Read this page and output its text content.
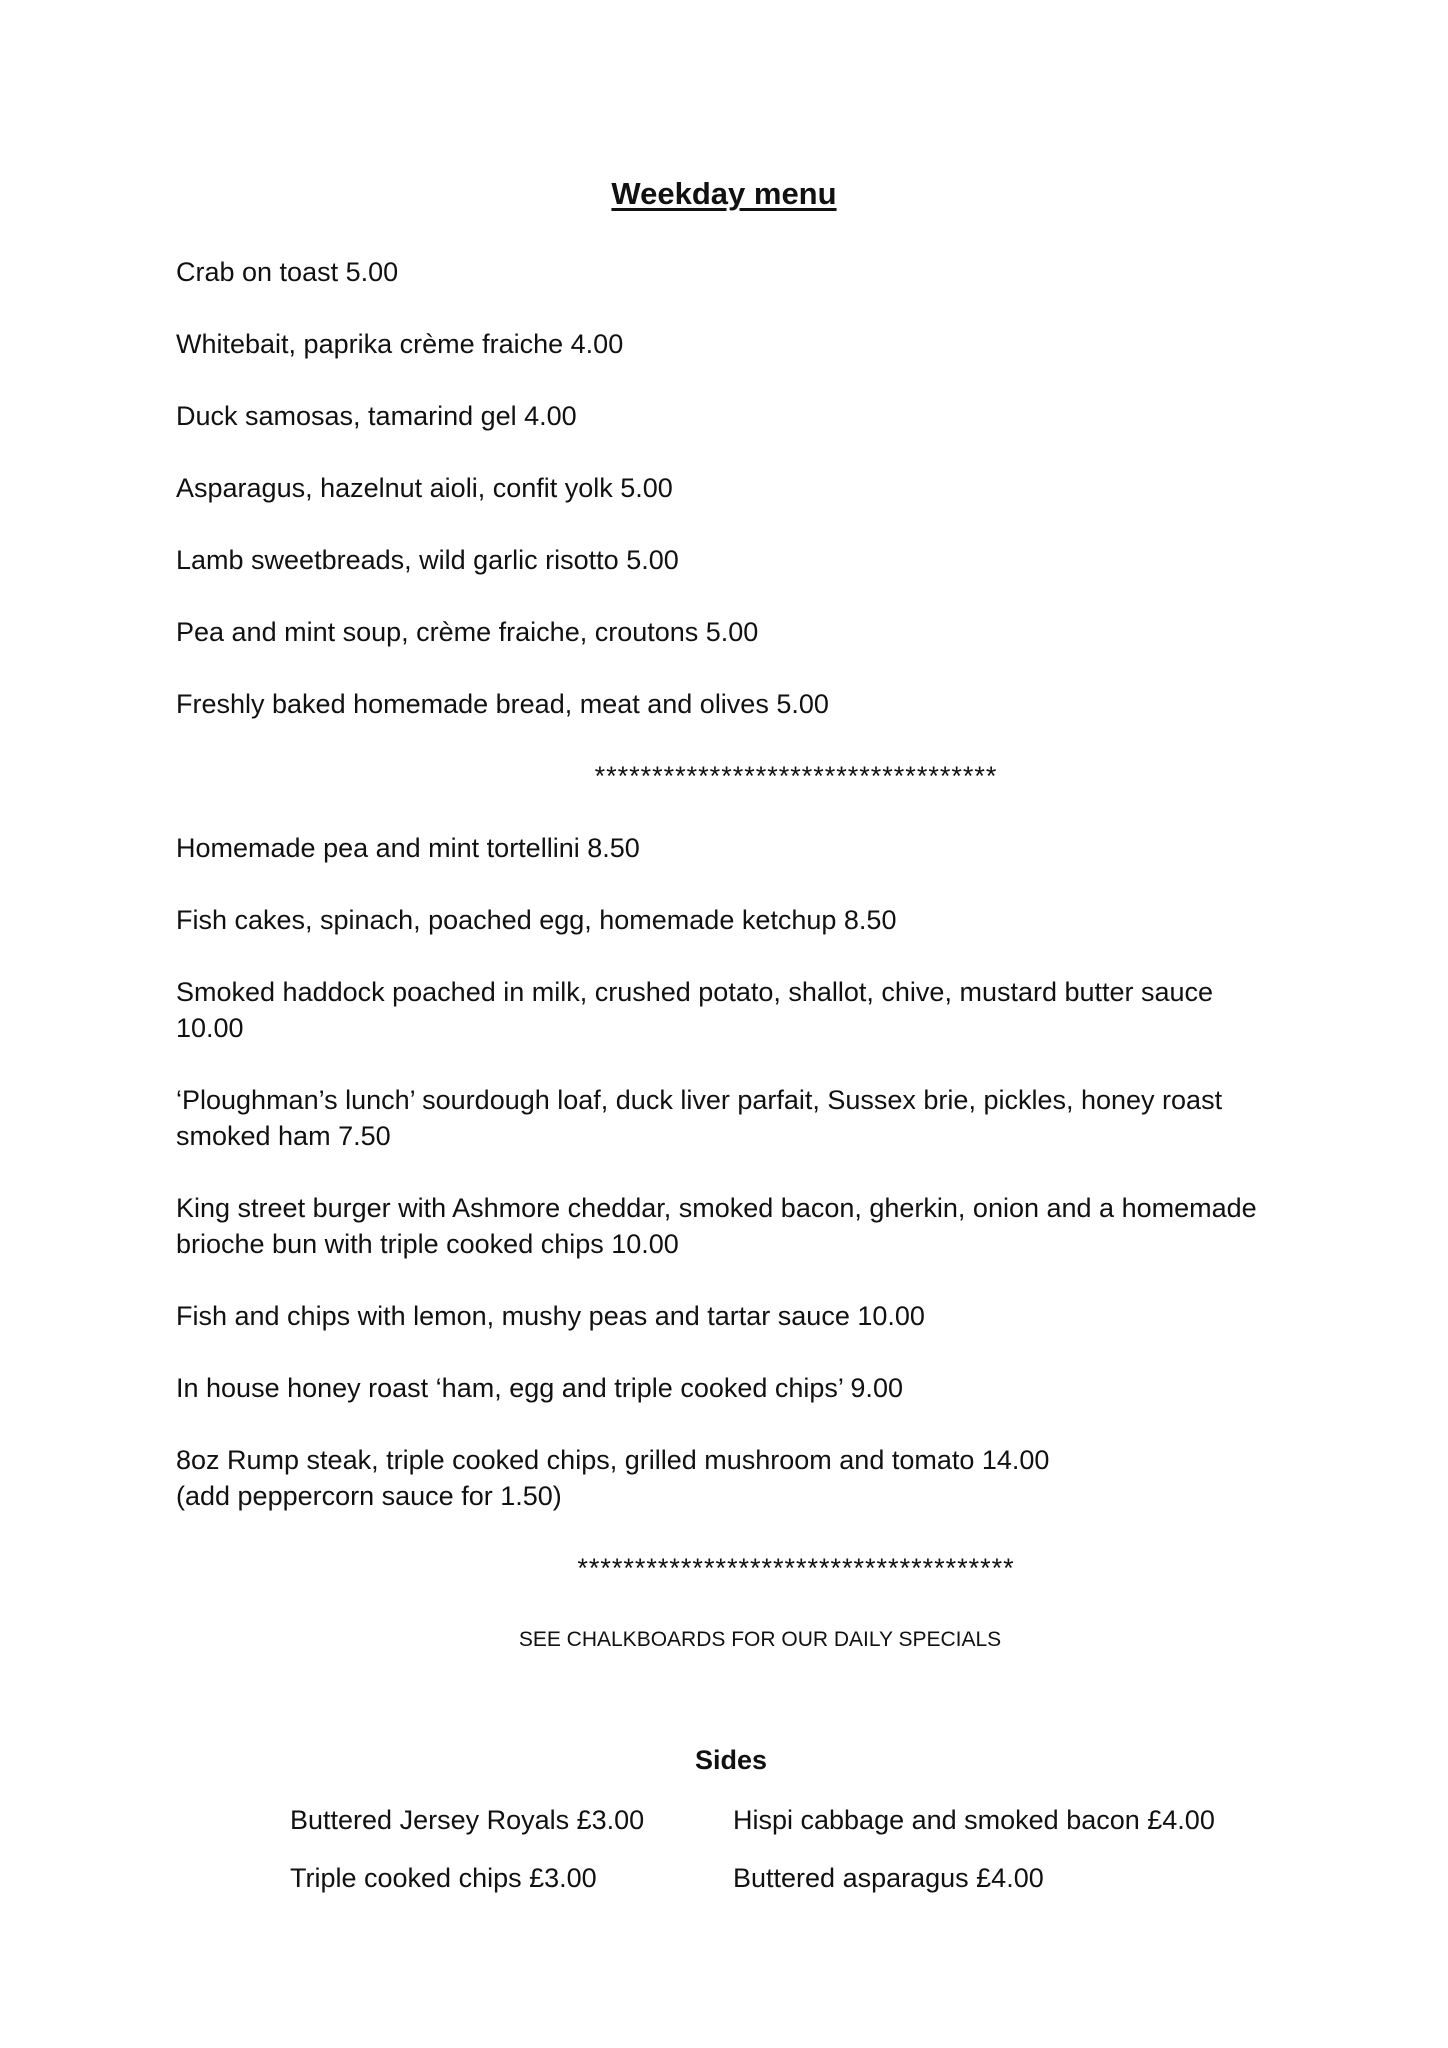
Weekday menu
Crab on toast 5.00
Whitebait, paprika crème fraiche 4.00
Duck samosas, tamarind gel 4.00
Asparagus, hazelnut aioli, confit yolk 5.00
Lamb sweetbreads, wild garlic risotto 5.00
Pea and mint soup, crème fraiche, croutons 5.00
Freshly baked homemade bread, meat and olives 5.00
***********************************
Homemade pea and mint tortellini 8.50
Fish cakes, spinach, poached egg, homemade ketchup 8.50
Smoked haddock poached in milk, crushed potato, shallot, chive, mustard butter sauce 10.00
‘Ploughman’s lunch’ sourdough loaf, duck liver parfait, Sussex brie, pickles, honey roast smoked ham 7.50
King street burger with Ashmore cheddar, smoked bacon, gherkin, onion and a homemade brioche bun with triple cooked chips 10.00
Fish and chips with lemon, mushy peas and tartar sauce 10.00
In house honey roast ‘ham, egg and triple cooked chips’ 9.00
8oz Rump steak, triple cooked chips, grilled mushroom and tomato 14.00
(add peppercorn sauce for 1.50)
**************************************
SEE CHALKBOARDS FOR OUR DAILY SPECIALS
Sides
Buttered Jersey Royals £3.00	Hispi cabbage and smoked bacon £4.00
Triple cooked chips £3.00	Buttered asparagus £4.00
